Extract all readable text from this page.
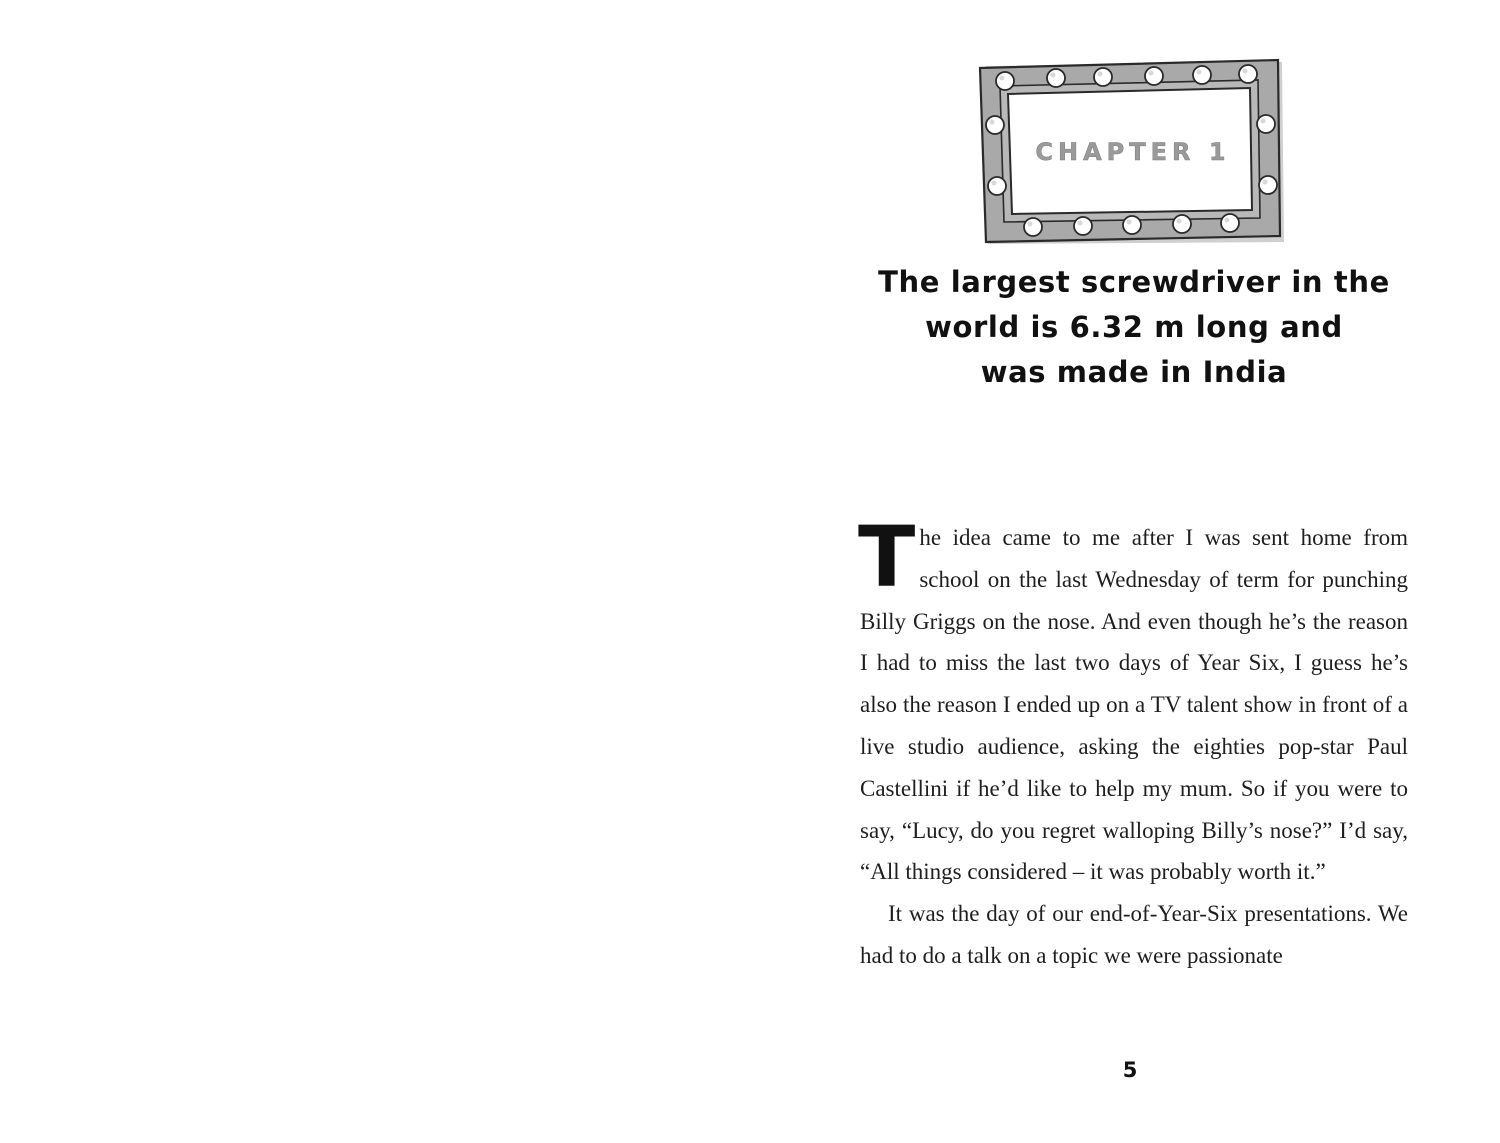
CHAPTER 1
The largest screwdriver in the
world is 6.32 m long and
was made in India

The idea came to me after I was sent home from school on the last Wednesday of term for punching Billy Griggs on the nose. And even though he’s the reason I had to miss the last two days of Year Six, I guess he’s also the reason I ended up on a TV talent show in front of a live studio audience, asking the eighties pop-star Paul Castellini if he’d like to help my mum. So if you were to say, “Lucy, do you regret walloping Billy’s nose?” I’d say, “All things considered – it was probably worth it.”

It was the day of our end-of-Year-Six presentations. We had to do a talk on a topic we were passionate

5
